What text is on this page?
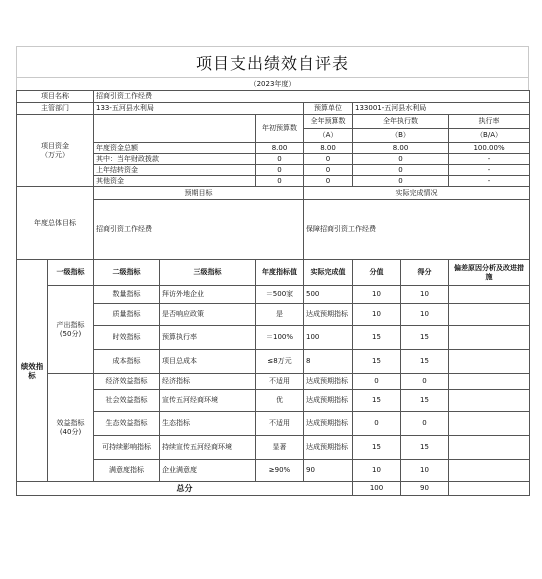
项目支出绩效自评表
（2023年度）
项目名称		招商引资工作经费						
主管部门		133-五河县水利局			预算单位	133001-五河县水利局		
项目资金
（万元）				年初预算数	全年预算数	全年执行数		执行率
					（A）	（B）		（B/A）
		年度资金总额		8.00	8.00	8.00		100.00%
		其中：当年财政拨款		0	0	0		-
		上年结转资金		0	0	0		-
		其他资金		0	0	0		-
年度总体目标		预期目标			实际完成情况			
		招商引资工作经费			保障招商引资工作经费			
绩效指标	一级指标	二级指标	三级指标	年度指标值	实际完成值	分值	得分	偏差原因分析及改进措施
	产出指标 (50分)	数量指标	拜访外地企业	＝500家	500	10	10	
		质量指标	是否响应政策	是	达成预期指标	10	10	
		时效指标	预算执行率	＝100%	100	15	15	
		成本指标	项目总成本	≤8万元	8	15	15	
	效益指标 (40分)	经济效益指标	经济指标	不适用	达成预期指标	0	0	
		社会效益指标	宣传五河经商环境	优	达成预期指标	15	15	
		生态效益指标	生态指标	不适用	达成预期指标	0	0	
		可持续影响指标	持续宣传五河经商环境	显著	达成预期指标	15	15	
		满意度指标	企业满意度	≥90%	90	10	10	
总分						100	90	
